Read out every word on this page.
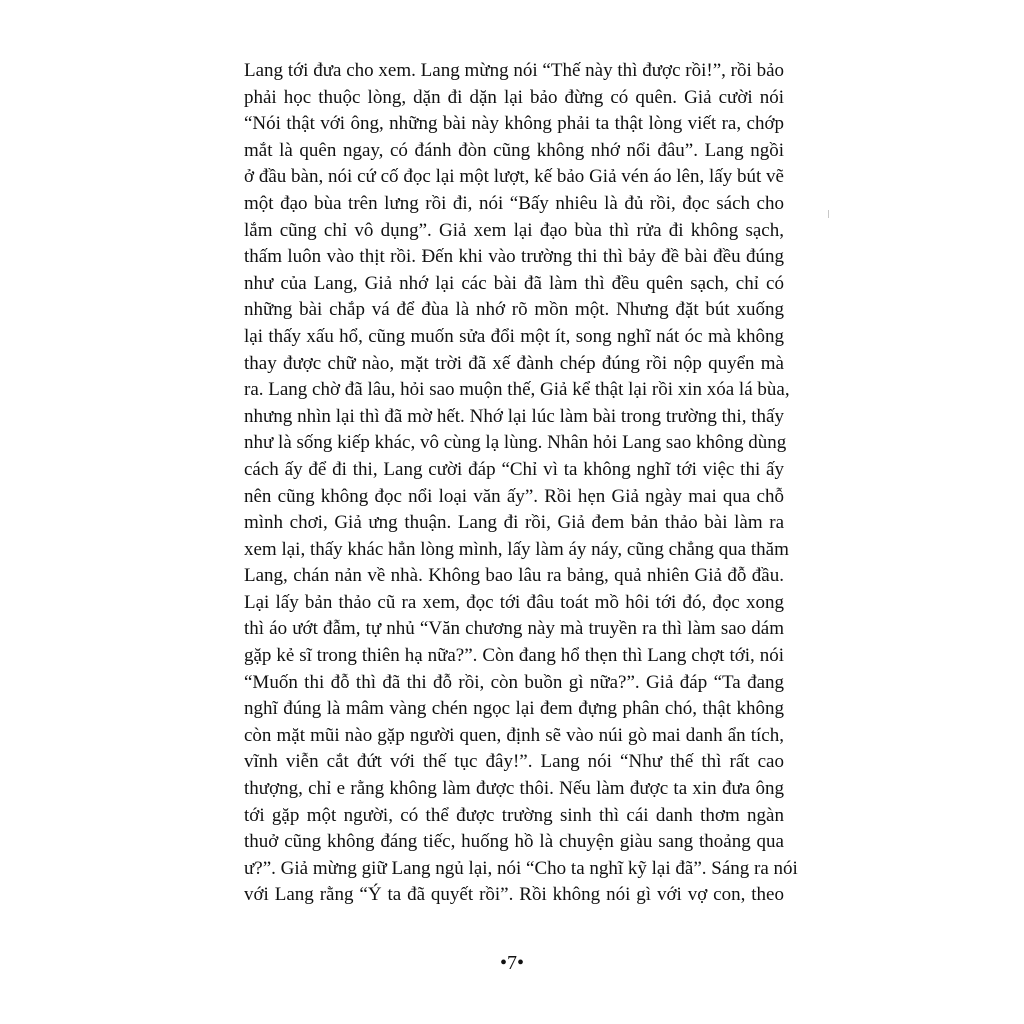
Lang tới đưa cho xem. Lang mừng nói “Thế này thì được rồi!”, rồi bảo
phải học thuộc lòng, dặn đi dặn lại bảo đừng có quên. Giả cười nói
“Nói thật với ông, những bài này không phải ta thật lòng viết ra, chớp
mắt là quên ngay, có đánh đòn cũng không nhớ nổi đâu”. Lang ngồi
ở đầu bàn, nói cứ cố đọc lại một lượt, kế bảo Giả vén áo lên, lấy bút vẽ
một đạo bùa trên lưng rồi đi, nói “Bấy nhiêu là đủ rồi, đọc sách cho
lắm cũng chỉ vô dụng”. Giả xem lại đạo bùa thì rửa đi không sạch,
thấm luôn vào thịt rồi. Đến khi vào trường thi thì bảy đề bài đều đúng
như của Lang, Giả nhớ lại các bài đã làm thì đều quên sạch, chỉ có
những bài chắp vá để đùa là nhớ rõ mồn một. Nhưng đặt bút xuống
lại thấy xấu hổ, cũng muốn sửa đổi một ít, song nghĩ nát óc mà không
thay được chữ nào, mặt trời đã xế đành chép đúng rồi nộp quyển mà
ra. Lang chờ đã lâu, hỏi sao muộn thế, Giả kể thật lại rồi xin xóa lá bùa,
nhưng nhìn lại thì đã mờ hết. Nhớ lại lúc làm bài trong trường thi, thấy
như là sống kiếp khác, vô cùng lạ lùng. Nhân hỏi Lang sao không dùng
cách ấy để đi thi, Lang cười đáp “Chỉ vì ta không nghĩ tới việc thi ấy
nên cũng không đọc nổi loại văn ấy”. Rồi hẹn Giả ngày mai qua chỗ
mình chơi, Giả ưng thuận. Lang đi rồi, Giả đem bản thảo bài làm ra
xem lại, thấy khác hẳn lòng mình, lấy làm áy náy, cũng chẳng qua thăm
Lang, chán nản về nhà. Không bao lâu ra bảng, quả nhiên Giả đỗ đầu.
Lại lấy bản thảo cũ ra xem, đọc tới đâu toát mồ hôi tới đó, đọc xong
thì áo ướt đẫm, tự nhủ “Văn chương này mà truyền ra thì làm sao dám
gặp kẻ sĩ trong thiên hạ nữa?”. Còn đang hổ thẹn thì Lang chợt tới, nói
“Muốn thi đỗ thì đã thi đỗ rồi, còn buồn gì nữa?”. Giả đáp “Ta đang
nghĩ đúng là mâm vàng chén ngọc lại đem đựng phân chó, thật không
còn mặt mũi nào gặp người quen, định sẽ vào núi gò mai danh ẩn tích,
vĩnh viễn cắt đứt với thế tục đây!”. Lang nói “Như thế thì rất cao
thượng, chỉ e rằng không làm được thôi. Nếu làm được ta xin đưa ông
tới gặp một người, có thể được trường sinh thì cái danh thơm ngàn
thuở cũng không đáng tiếc, huống hồ là chuyện giàu sang thoảng qua
ư?”. Giả mừng giữ Lang ngủ lại, nói “Cho ta nghĩ kỹ lại đã”. Sáng ra nói
với Lang rằng “Ý ta đã quyết rồi”. Rồi không nói gì với vợ con, theo
•7•
